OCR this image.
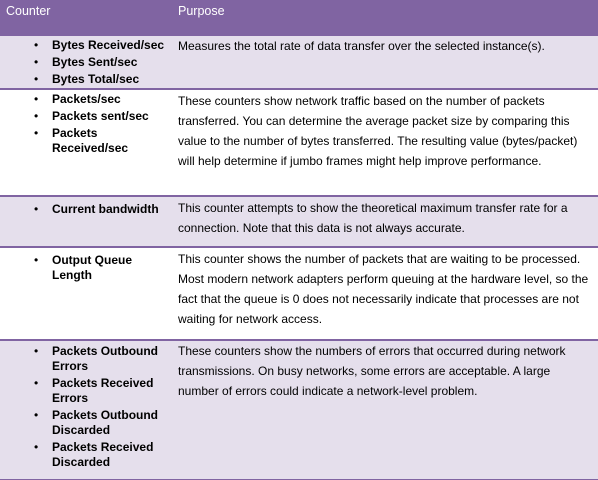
Counter	Purpose
• Bytes Received/sec
• Bytes Sent/sec
• Bytes Total/sec
Measures the total rate of data transfer over the selected instance(s).
• Packets/sec
• Packets sent/sec
• Packets Received/sec
These counters show network traffic based on the number of packets transferred. You can determine the average packet size by comparing this value to the number of bytes transferred. The resulting value (bytes/packet) will help determine if jumbo frames might help improve performance.
• Current bandwidth	This counter attempts to show the theoretical maximum transfer rate for a connection. Note that this data is not always accurate.
• Output Queue Length
This counter shows the number of packets that are waiting to be processed. Most modern network adapters perform queuing at the hardware level, so the fact that the queue is 0 does not necessarily indicate that processes are not waiting for network access.
• Packets Outbound Errors
• Packets Received Errors
• Packets Outbound Discarded
• Packets Received Discarded
These counters show the numbers of errors that occurred during network transmissions. On busy networks, some errors are acceptable. A large number of errors could indicate a network-level problem.
